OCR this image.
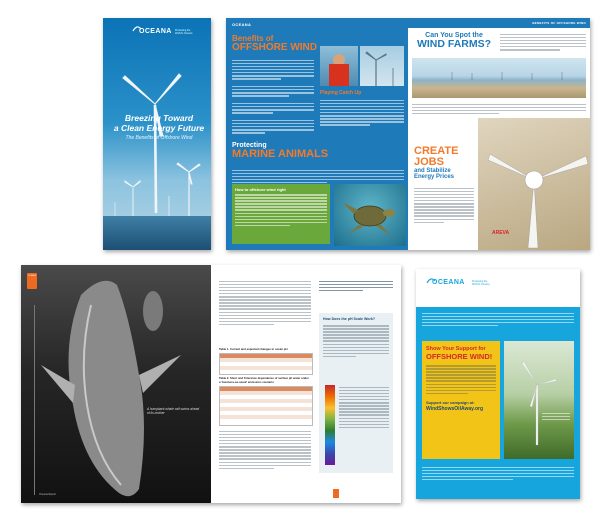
OCEANA Protecting the World's Oceans
Breezing Toward
a Clean Energy Future
The Benefits of Offshore Wind
OCEANA
Benefits of
OFFSHORE WIND
Playing Catch Up
Protecting
MARINE ANIMALS
How to offshore wind right
BENEFITS OF OFFSHORE WIND
Can You Spot the
WIND FARMS?
CREATE
JOBS
and Stabilize
Energy Prices
AREVA
OCEANA
A humpback whale calf swims ahead of its mother
Oceana Report
Table 1. Current and expected changes in ocean pH
Table 2. Short and Tolerance dependence of surface ph water under a 'business-as-usual' emissions scenario
How Does the pH Scale Work?
OCEANA	Protecting the World's Oceans
Show Your Support for
OFFSHORE WIND!
Support our campaign at:
WindShowsOilAway.org
